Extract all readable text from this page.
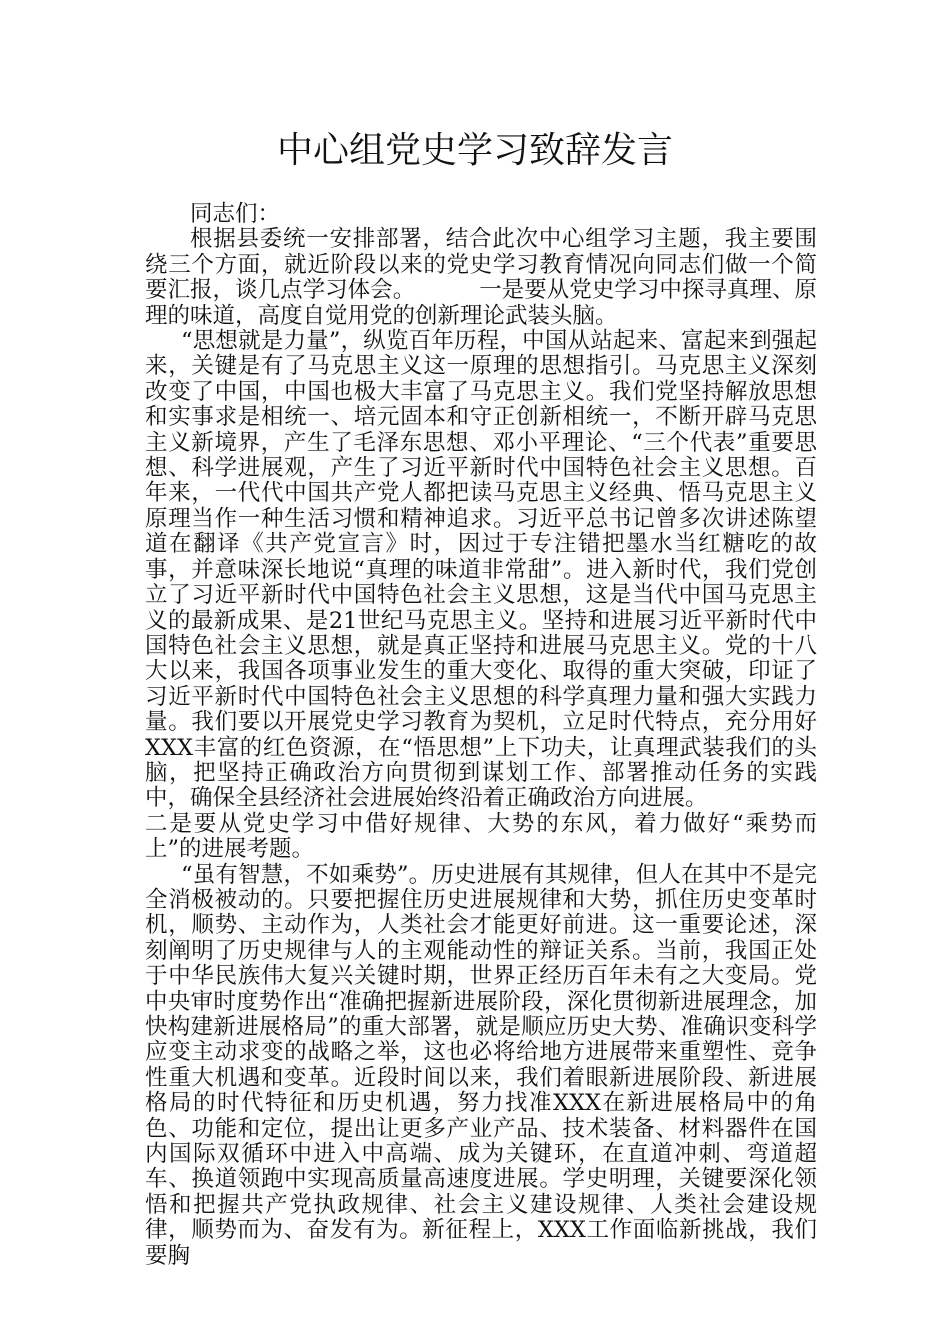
中心组党史学习致辞发言

同志们：

根据县委统一安排部署，结合此次中心组学习主题，我主要围绕三个方面，就近阶段以来的党史学习教育情况向同志们做一个简要汇报，谈几点学习体会。	一是要从党史学习中探寻真理、原理的味道，高度自觉用党的创新理论武装头脑。

“思想就是力量”，纵览百年历程，中国从站起来、富起来到强起来，关键是有了马克思主义这一原理的思想指引。马克思主义深刻改变了中国，中国也极大丰富了马克思主义。我们党坚持解放思想和实事求是相统一、培元固本和守正创新相统一，不断开辟马克思主义新境界，产生了毛泽东思想、邓小平理论、“三个代表”重要思想、科学进展观，产生了习近平新时代中国特色社会主义思想。百年来，一代代中国共产党人都把读马克思主义经典、悟马克思主义原理当作一种生活习惯和精神追求。习近平总书记曾多次讲述陈望道在翻译《共产党宣言》时，因过于专注错把墨水当红糖吃的故事，并意味深长地说“真理的味道非常甜”。进入新时代，我们党创立了习近平新时代中国特色社会主义思想，这是当代中国马克思主义的最新成果、是21世纪马克思主义。坚持和进展习近平新时代中国特色社会主义思想，就是真正坚持和进展马克思主义。党的十八大以来，我国各项事业发生的重大变化、取得的重大突破，印证了习近平新时代中国特色社会主义思想的科学真理力量和强大实践力量。我们要以开展党史学习教育为契机，立足时代特点，充分用好XXX丰富的红色资源，在“悟思想”上下功夫，让真理武装我们的头脑，把坚持正确政治方向贯彻到谋划工作、部署推动任务的实践中，确保全县经济社会进展始终沿着正确政治方向进展。

二是要从党史学习中借好规律、大势的东风，着力做好“乘势而上”的进展考题。

“虽有智慧，不如乘势”。历史进展有其规律，但人在其中不是完全消极被动的。只要把握住历史进展规律和大势，抓住历史变革时机，顺势、主动作为，人类社会才能更好前进。这一重要论述，深刻阐明了历史规律与人的主观能动性的辩证关系。当前，我国正处于中华民族伟大复兴关键时期，世界正经历百年未有之大变局。党中央审时度势作出“准确把握新进展阶段，深化贯彻新进展理念，加快构建新进展格局”的重大部署，就是顺应历史大势、准确识变科学应变主动求变的战略之举，这也必将给地方进展带来重塑性、竞争性重大机遇和变革。近段时间以来，我们着眼新进展阶段、新进展格局的时代特征和历史机遇，努力找准XXX在新进展格局中的角色、功能和定位，提出让更多产业产品、技术装备、材料器件在国内国际双循环中进入中高端、成为关键环，在直道冲刺、弯道超车、换道领跑中实现高质量高速度进展。学史明理，关键要深化领悟和把握共产党执政规律、社会主义建设规律、人类社会建设规律，顺势而为、奋发有为。新征程上，XXX工作面临新挑战，我们要胸
